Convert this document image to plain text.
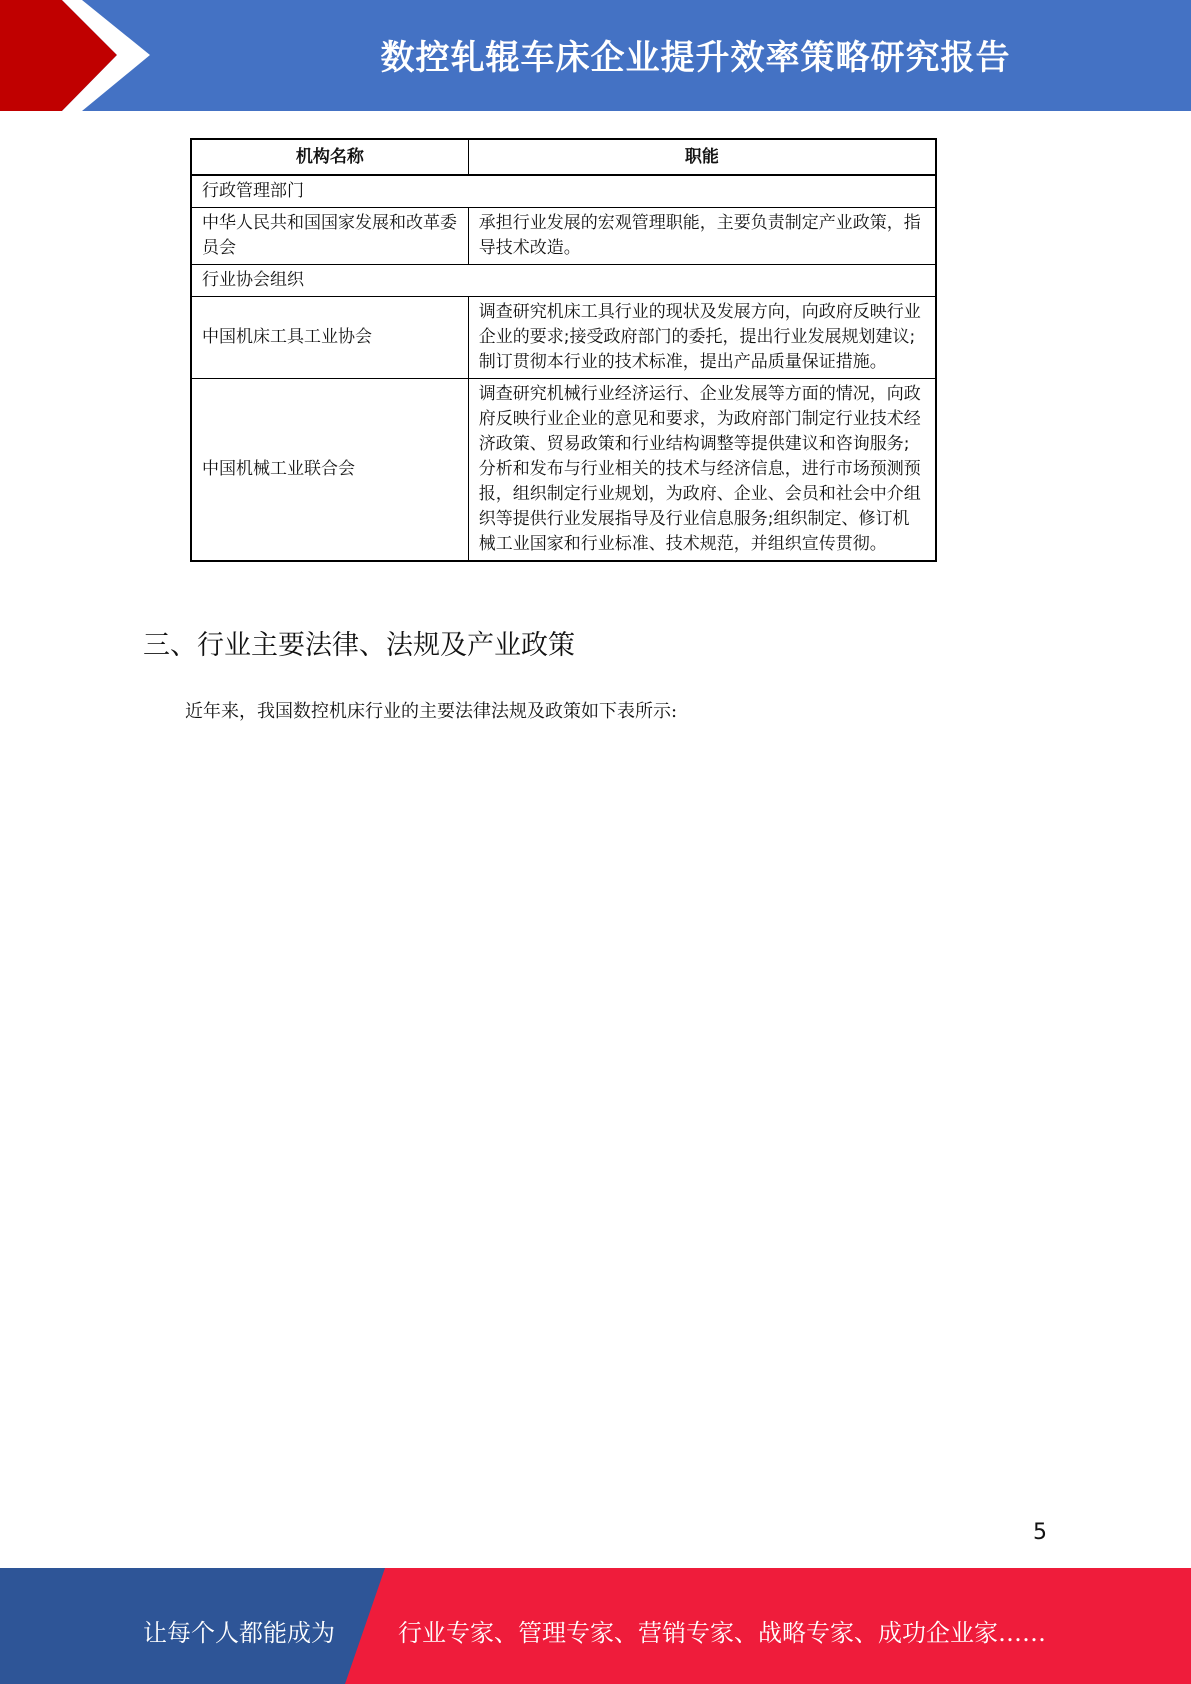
数控轧辊车床企业提升效率策略研究报告
机构名称	职能
行政管理部门	
中华人民共和国国家发展和改革委员会	承担行业发展的宏观管理职能，主要负责制定产业政策，指导技术改造。
行业协会组织	
中国机床工具工业协会	调查研究机床工具行业的现状及发展方向，向政府反映行业企业的要求;接受政府部门的委托，提出行业发展规划建议;制订贯彻本行业的技术标准，提出产品质量保证措施。
中国机械工业联合会	调查研究机械行业经济运行、企业发展等方面的情况，向政府反映行业企业的意见和要求，为政府部门制定行业技术经济政策、贸易政策和行业结构调整等提供建议和咨询服务;分析和发布与行业相关的技术与经济信息，进行市场预测预报，组织制定行业规划，为政府、企业、会员和社会中介组织等提供行业发展指导及行业信息服务;组织制定、修订机械工业国家和行业标准、技术规范，并组织宣传贯彻。
三、行业主要法律、法规及产业政策
近年来，我国数控机床行业的主要法律法规及政策如下表所示:
5
让每个人都能成为	行业专家、管理专家、营销专家、战略专家、成功企业家……
